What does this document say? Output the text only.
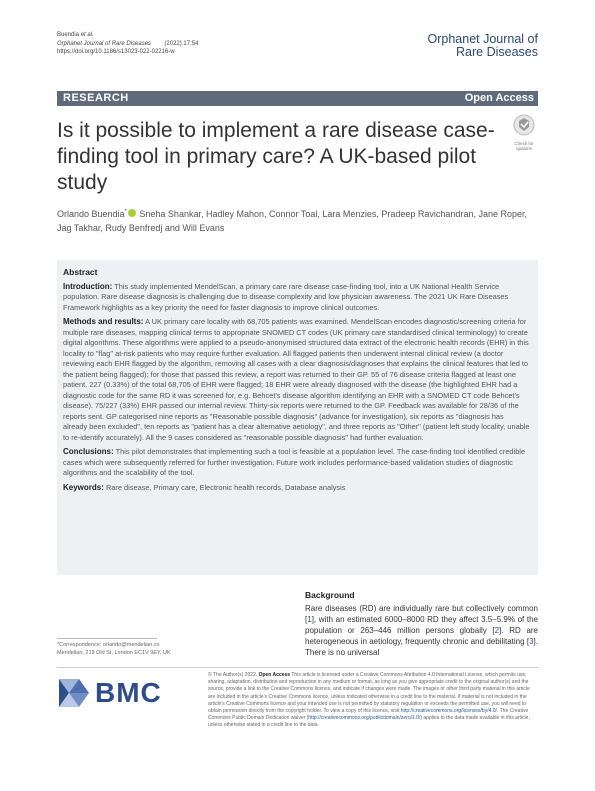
Buendia et al.
Orphanet Journal of Rare Diseases (2022) 17:54
https://doi.org/10.1186/s13023-022-02216-w
Orphanet Journal of
Rare Diseases
RESEARCH	Open Access
Is it possible to implement a rare disease case-finding tool in primary care? A UK-based pilot study
Check for
updates
Orlando Buendia* Sneha Shankar, Hadley Mahon, Connor Toal, Lara Menzies, Pradeep Ravichandran, Jane Roper, Jag Takhar, Rudy Benfredj and Will Evans
Abstract

Introduction: This study implemented MendelScan, a primary care rare disease case-finding tool, into a UK National Health Service population. Rare disease diagnosis is challenging due to disease complexity and low physician awareness. The 2021 UK Rare Diseases Framework highlights as a key priority the need for faster diagnosis to improve clinical outcomes.

Methods and results: A UK primary care locality with 68,705 patients was examined. MendelScan encodes diagnostic/screening criteria for multiple rare diseases, mapping clinical terms to appropriate SNOMED CT codes (UK primary care standardised clinical terminology) to create digital algorithms. These algorithms were applied to a pseudo-anonymised structured data extract of the electronic health records (EHR) in this locality to "flag" at-risk patients who may require further evaluation. All flagged patients then underwent internal clinical review (a doctor reviewing each EHR flagged by the algorithm, removing all cases with a clear diagnosis/diagnoses that explains the clinical features that led to the patient being flagged); for those that passed this review, a report was returned to their GP. 55 of 76 disease criteria flagged at least one patient. 227 (0.33%) of the total 68,705 of EHR were flagged; 18 EHR were already diagnosed with the disease (the highlighted EHR had a diagnostic code for the same RD it was screened for, e.g. Behcet's disease algorithm identifying an EHR with a SNOMED CT code Behcet's disease). 75/227 (33%) EHR passed our internal review. Thirty-six reports were returned to the GP. Feedback was available for 28/36 of the reports sent. GP categorised nine reports as "Reasonable possible diagnosis" (advance for investigation), six reports as "diagnosis has already been excluded", ten reports as "patient has a clear alternative aetiology", and three reports as "Other" (patient left study locality, unable to re-identify accurately). All the 9 cases considered as "reasonable possible diagnosis" had further evaluation.

Conclusions: This pilot demonstrates that implementing such a tool is feasible at a population level. The case-finding tool identified credible cases which were subsequently referred for further investigation. Future work includes performance-based validation studies of diagnostic algorithms and the scalability of the tool.

Keywords: Rare disease, Primary care, Electronic health records, Database analysis

Background
Rare diseases (RD) are individually rare but collectively common [1], with an estimated 6000–8000 RD they affect 3.5–5.9% of the population or 263–446 million persons globally [2]. RD are heterogeneous in aetiology, frequently chronic and debilitating [3]. There is no universal
*Correspondence: orlando@mendelian.co
Mendelian, 219 Old St, London EC1V 9EY, UK
BMC
© The Author(s) 2022. Open Access This article is licensed under a Creative Commons Attribution 4.0 International License, which permits use, sharing, adaptation, distribution and reproduction in any medium or format, as long as you give appropriate credit to the original author(s) and the source, provide a link to the Creative Commons licence, and indicate if changes were made. The images or other third party material in this article are included in the article's Creative Commons licence, unless indicated otherwise in a credit line to the material. If material is not included in the article's Creative Commons licence and your intended use is not permitted by statutory regulation or exceeds the permitted use, you will need to obtain permission directly from the copyright holder. To view a copy of this licence, visit http://creativecommons.org/licenses/by/4.0/. The Creative Commons Public Domain Dedication waiver (http://creativecommons.org/publicdomain/zero/1.0/) applies to the data made available in this article, unless otherwise stated in a credit line to the data.
